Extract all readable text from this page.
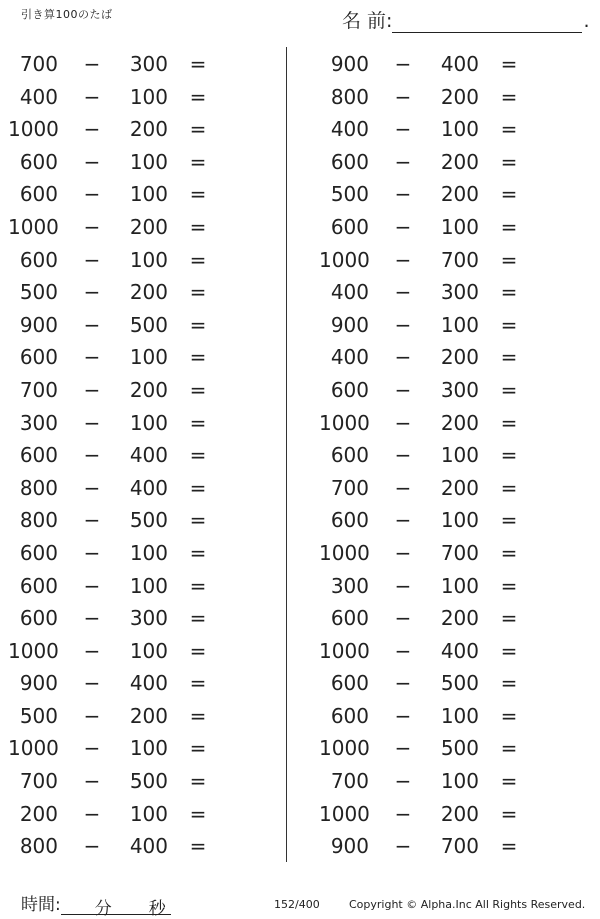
引き算100のたば	名 前:	.
700 −	300 =
400 −	100 =
1000 −	200 =
600 −	100 =
600 −	100 =
1000 −	200 =
600 −	100 =
500 −	200 =
900 −	500 =
600 −	100 =
700 −	200 =
300 −	100 =
600 −	400 =
800 −	400 =
800 −	500 =
600 −	100 =
600 −	100 =
600 −	300 =
1000 −	100 =
900 −	400 =
500 −	200 =
1000 −	100 =
700 −	500 =
200 −	100 =
800 −	400 =
900 −	400 =
800 −	200 =
400 −	100 =
600 −	200 =
500 −	200 =
600 −	100 =
1000 −	700 =
400 −	300 =
900 −	100 =
400 −	200 =
600 −	300 =
1000 −	200 =
600 −	100 =
700 −	200 =
600 −	100 =
1000 −	700 =
300 −	100 =
600 −	200 =
1000 −	400 =
600 −	500 =
600 −	100 =
1000 −	500 =
700 −	100 =
1000 −	200 =
900 −	700 =
時間: 分 秒	152/400	Copyright © Alpha.Inc All Rights Reserved.
